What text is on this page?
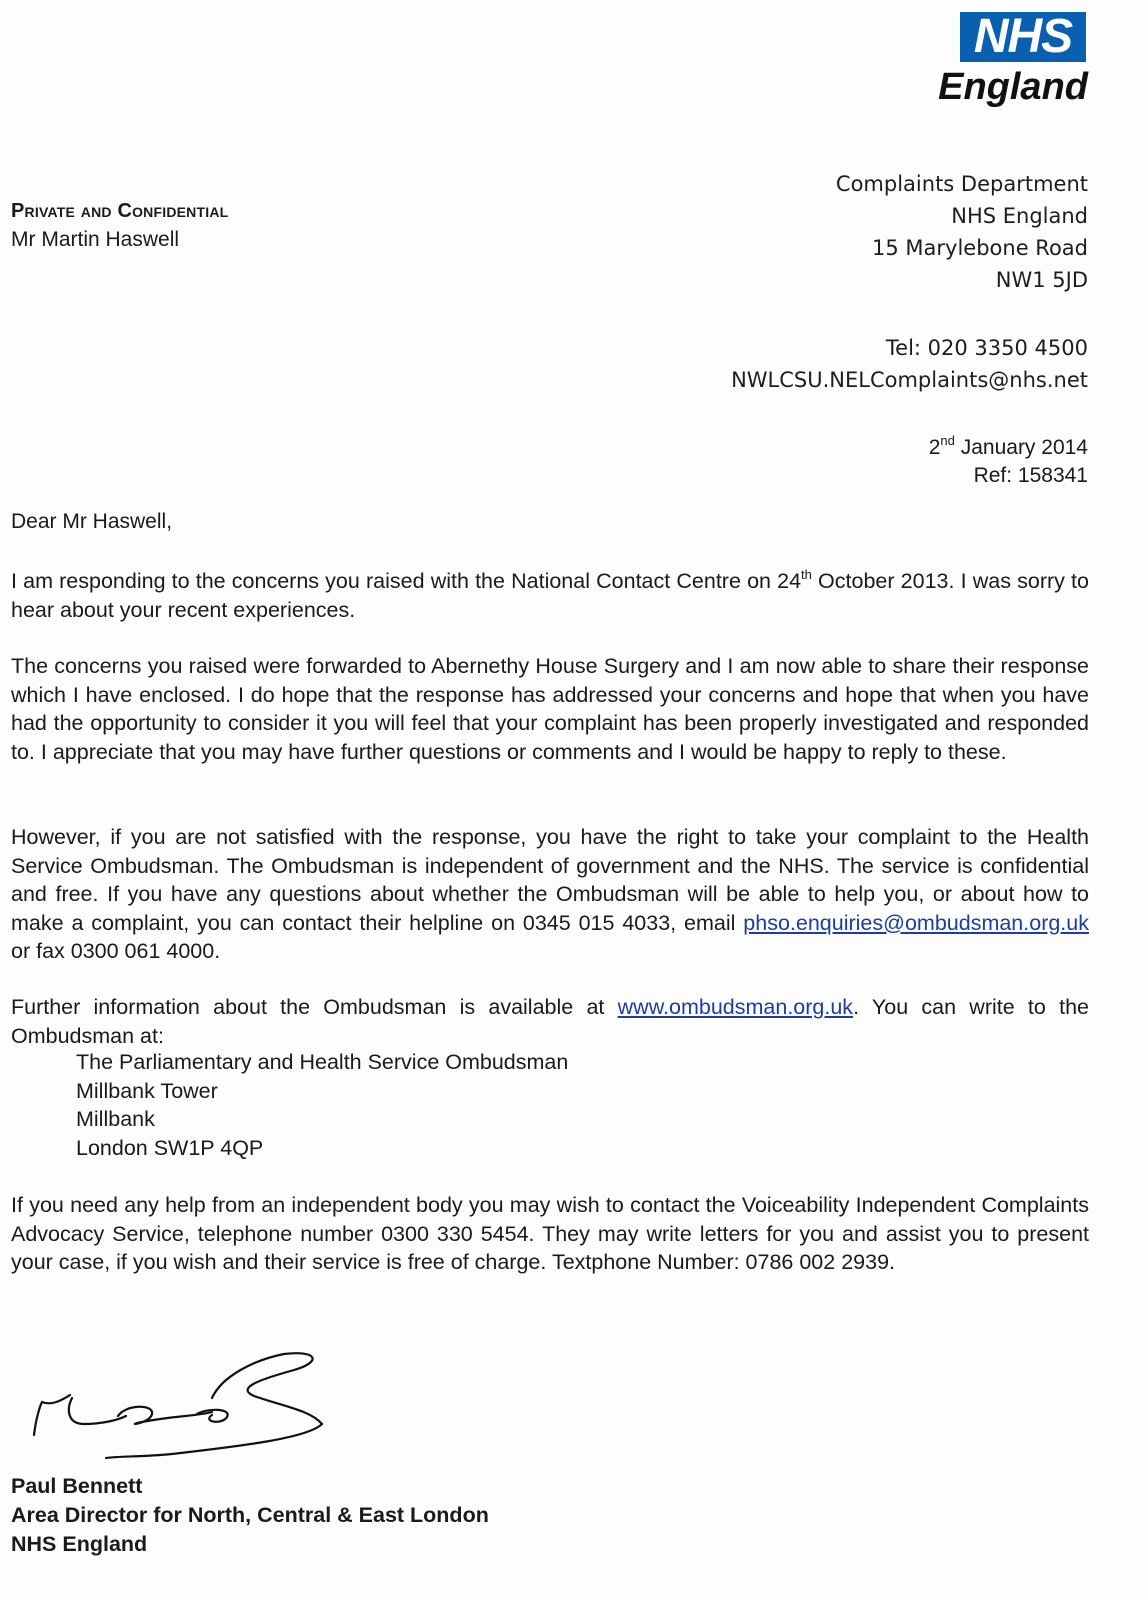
NHS
England
Complaints Department
NHS England
15 Marylebone Road
NW1 5JD
Tel: 020 3350 4500
NWLCSU.NELComplaints@nhs.net
Private and Confidential
Mr Martin Haswell
2nd January 2014
Ref: 158341
Dear Mr Haswell,
I am responding to the concerns you raised with the National Contact Centre on 24th October 2013. I was sorry to hear about your recent experiences.
The concerns you raised were forwarded to Abernethy House Surgery and I am now able to share their response which I have enclosed. I do hope that the response has addressed your concerns and hope that when you have had the opportunity to consider it you will feel that your complaint has been properly investigated and responded to. I appreciate that you may have further questions or comments and I would be happy to reply to these.
However, if you are not satisfied with the response, you have the right to take your complaint to the Health Service Ombudsman. The Ombudsman is independent of government and the NHS. The service is confidential and free. If you have any questions about whether the Ombudsman will be able to help you, or about how to make a complaint, you can contact their helpline on 0345 015 4033, email phso.enquiries@ombudsman.org.uk or fax 0300 061 4000.
Further information about the Ombudsman is available at www.ombudsman.org.uk. You can write to the Ombudsman at:
The Parliamentary and Health Service Ombudsman
Millbank Tower
Millbank
London SW1P 4QP
If you need any help from an independent body you may wish to contact the Voiceability Independent Complaints Advocacy Service, telephone number 0300 330 5454. They may write letters for you and assist you to present your case, if you wish and their service is free of charge. Textphone Number: 0786 002 2939.
Paul Bennett
Area Director for North, Central & East London
NHS England
